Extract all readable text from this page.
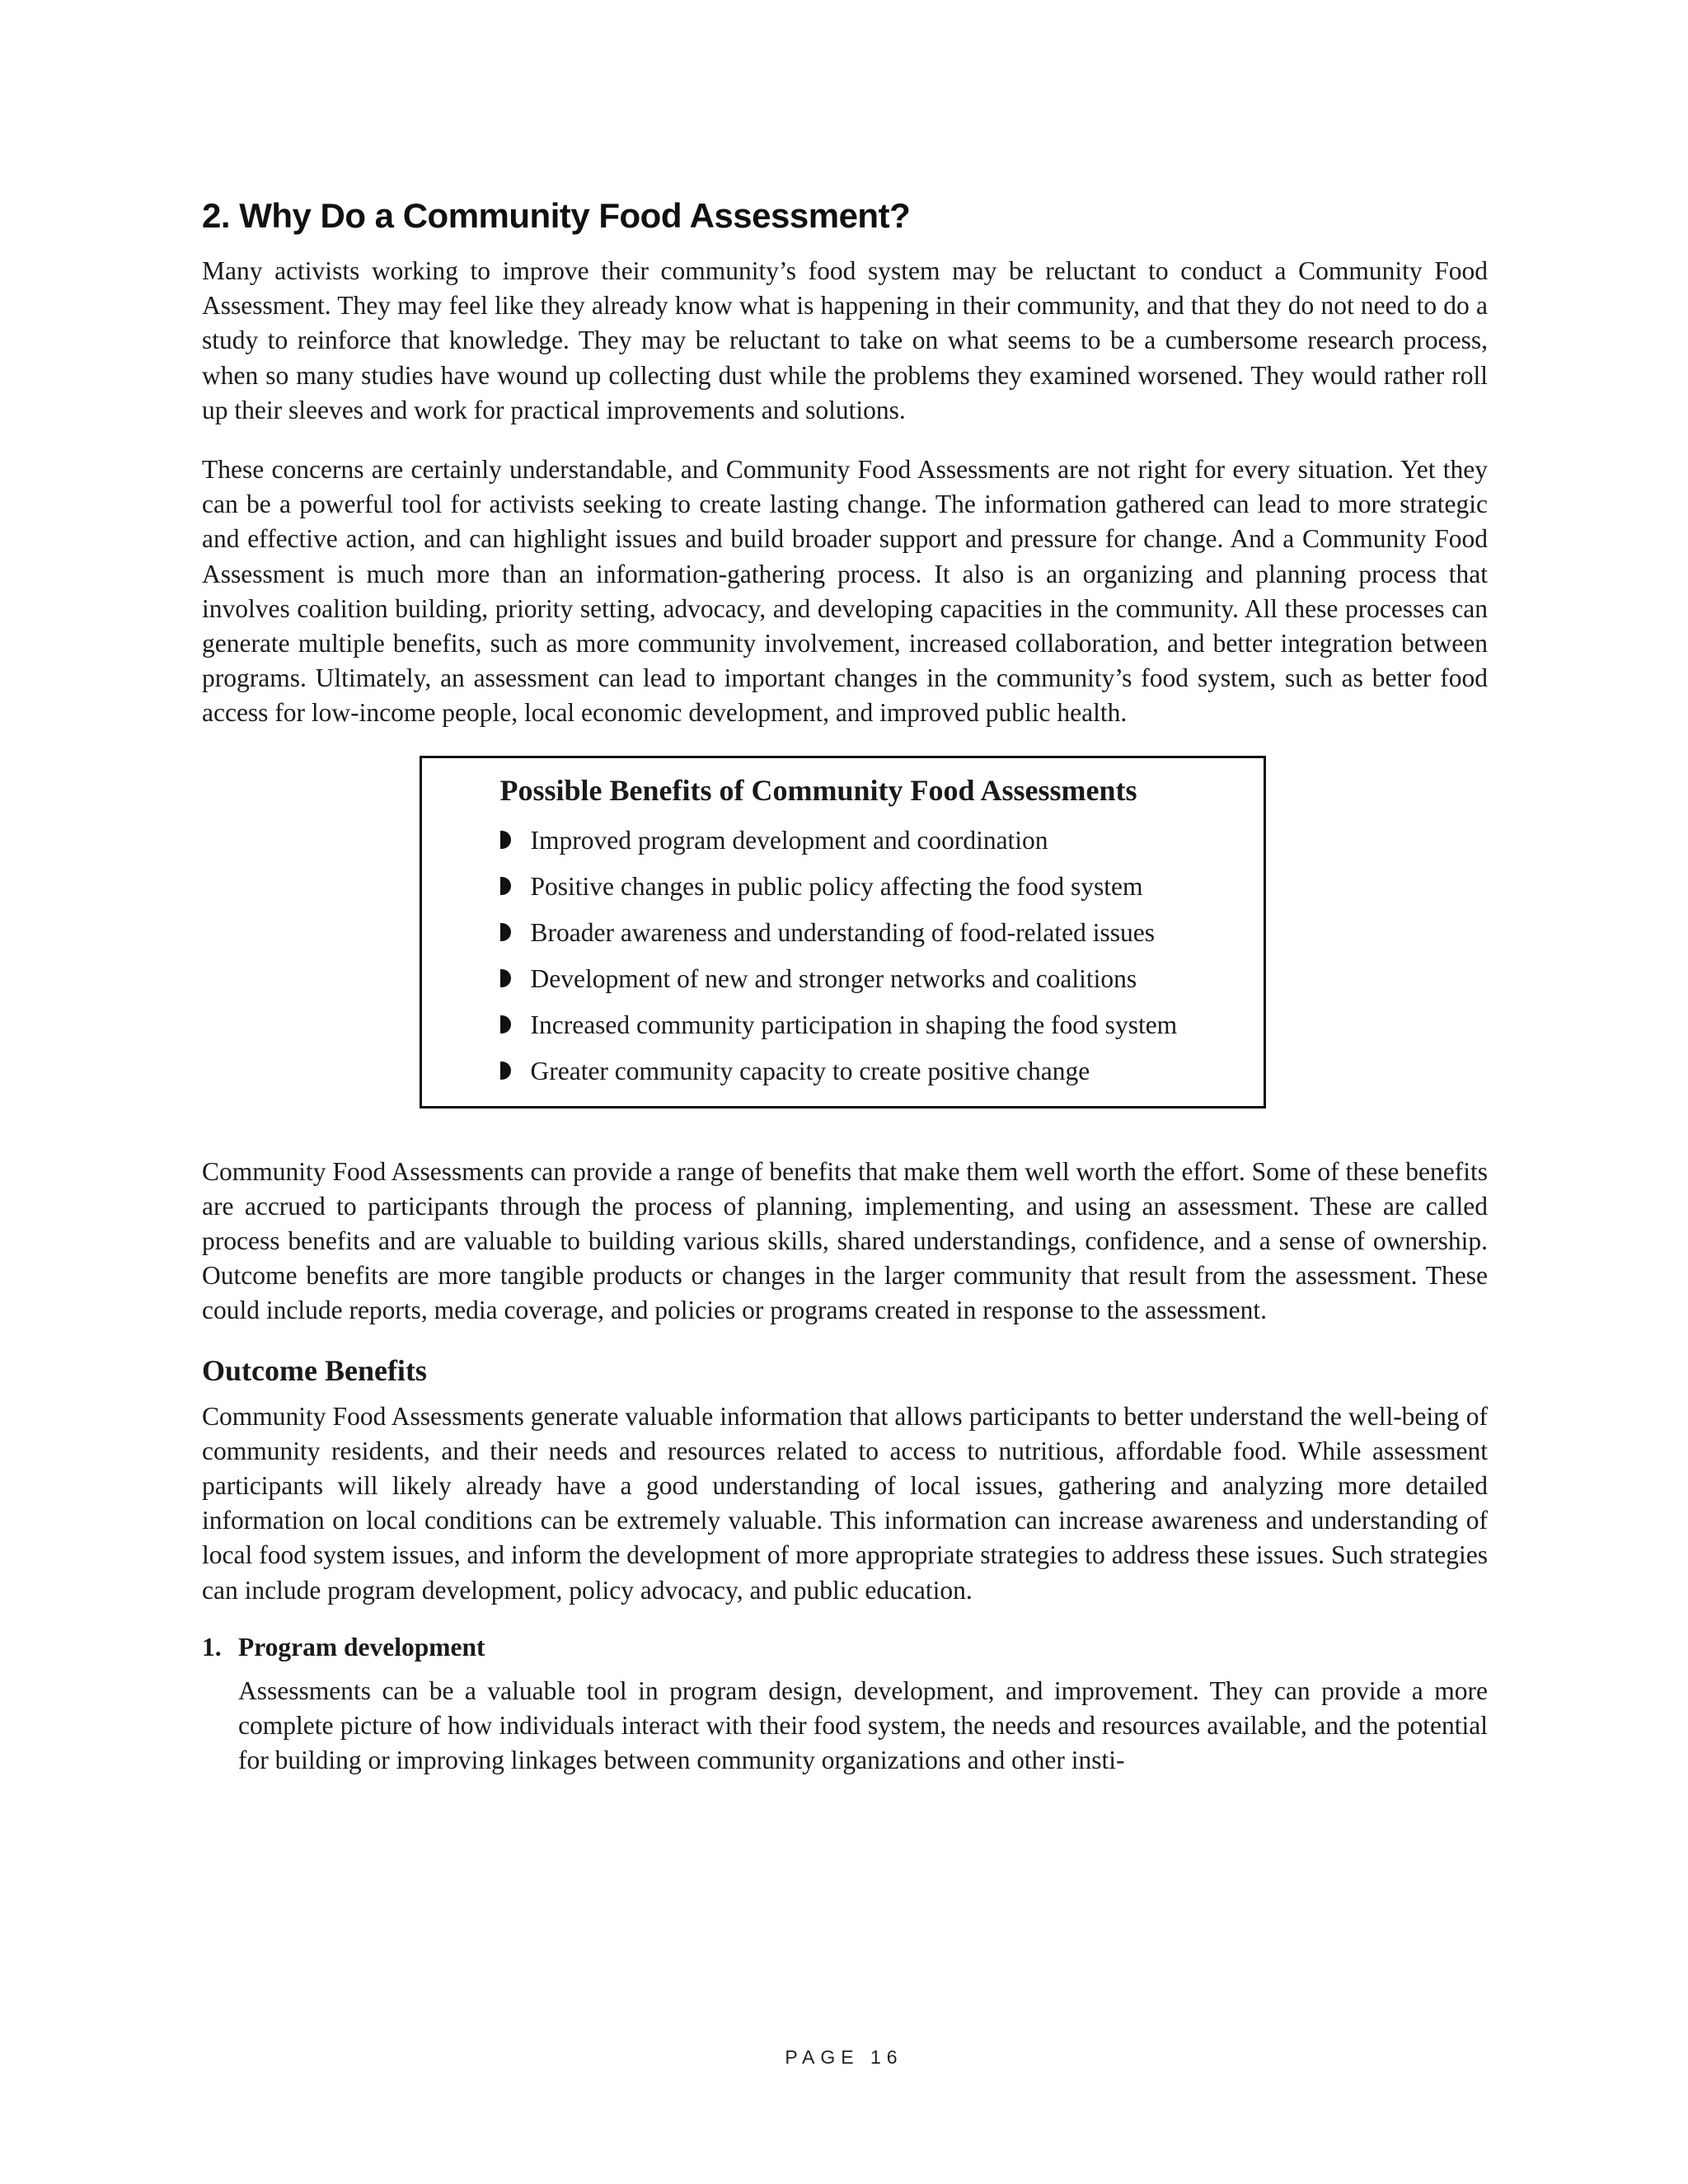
2. Why Do a Community Food Assessment?

Many activists working to improve their community’s food system may be reluctant to conduct a Community Food Assessment. They may feel like they already know what is happening in their community, and that they do not need to do a study to reinforce that knowledge. They may be reluctant to take on what seems to be a cumbersome research process, when so many studies have wound up collecting dust while the problems they examined worsened. They would rather roll up their sleeves and work for practical improvements and solutions.

These concerns are certainly understandable, and Community Food Assessments are not right for every situation. Yet they can be a powerful tool for activists seeking to create lasting change. The information gathered can lead to more strategic and effective action, and can highlight issues and build broader support and pressure for change. And a Community Food Assessment is much more than an information-gathering process. It also is an organizing and planning process that involves coalition building, priority setting, advocacy, and developing capacities in the community. All these processes can generate multiple benefits, such as more community involvement, increased collaboration, and better integration between programs. Ultimately, an assessment can lead to important changes in the community’s food system, such as better food access for low-income people, local economic development, and improved public health.

Possible Benefits of Community Food Assessments
Improved program development and coordination
Positive changes in public policy affecting the food system
Broader awareness and understanding of food-related issues
Development of new and stronger networks and coalitions
Increased community participation in shaping the food system
Greater community capacity to create positive change

Community Food Assessments can provide a range of benefits that make them well worth the effort. Some of these benefits are accrued to participants through the process of planning, implementing, and using an assessment. These are called process benefits and are valuable to building various skills, shared understandings, confidence, and a sense of ownership. Outcome benefits are more tangible products or changes in the larger community that result from the assessment. These could include reports, media coverage, and policies or programs created in response to the assessment.

Outcome Benefits

Community Food Assessments generate valuable information that allows participants to better understand the well-being of community residents, and their needs and resources related to access to nutritious, affordable food. While assessment participants will likely already have a good understanding of local issues, gathering and analyzing more detailed information on local conditions can be extremely valuable. This information can increase awareness and understanding of local food system issues, and inform the development of more appropriate strategies to address these issues. Such strategies can include program development, policy advocacy, and public education.

1. Program development

Assessments can be a valuable tool in program design, development, and improvement. They can provide a more complete picture of how individuals interact with their food system, the needs and resources available, and the potential for building or improving linkages between community organizations and other insti-

PAGE 16
